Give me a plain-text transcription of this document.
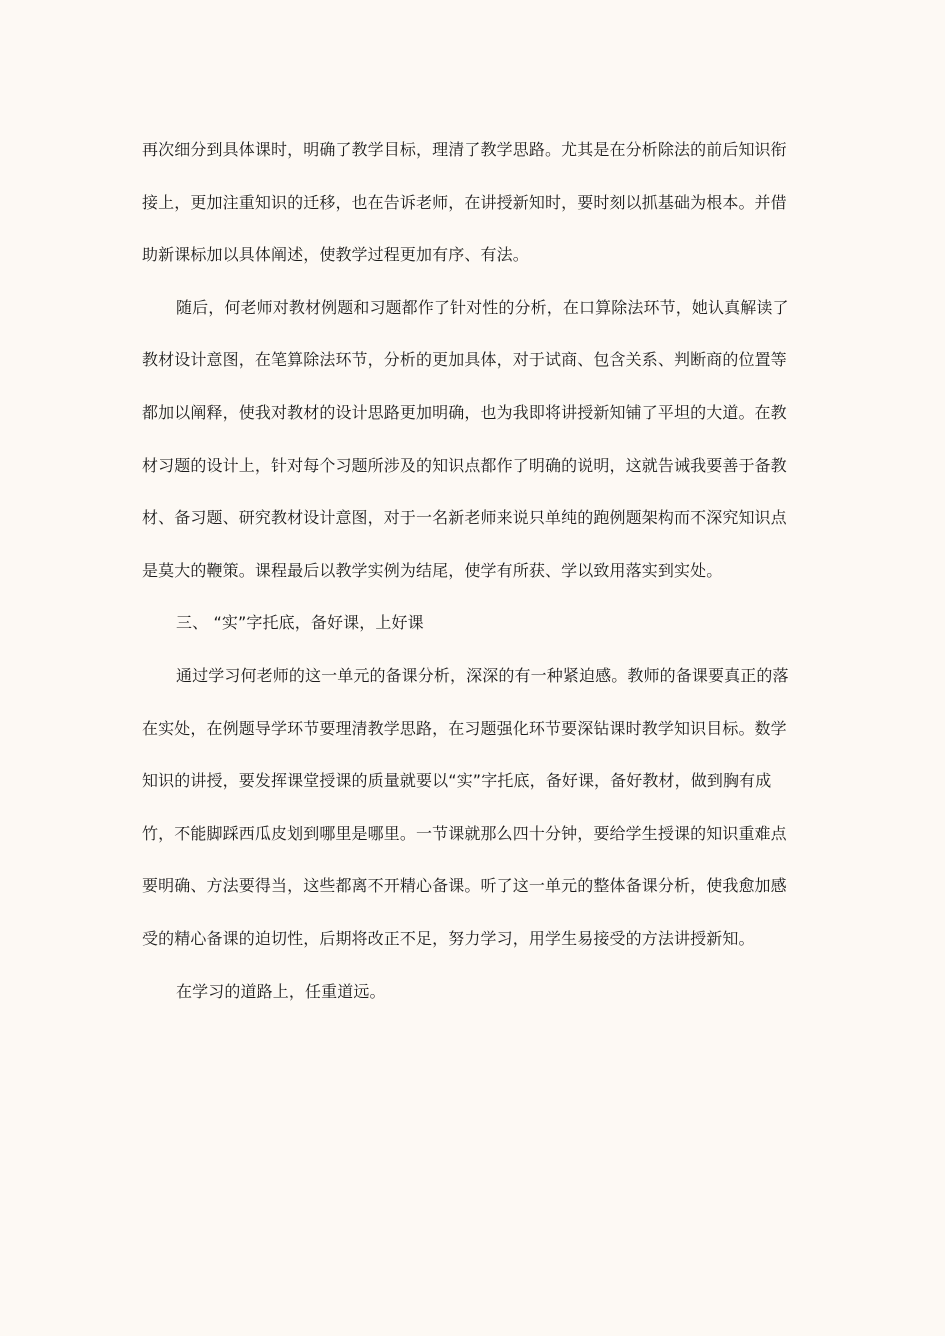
再次细分到具体课时，明确了教学目标，理清了教学思路。尤其是在分析除法的前后知识衔
接上，更加注重知识的迁移，也在告诉老师，在讲授新知时，要时刻以抓基础为根本。并借
助新课标加以具体阐述，使教学过程更加有序、有法。

随后，何老师对教材例题和习题都作了针对性的分析，在口算除法环节，她认真解读了
教材设计意图，在笔算除法环节，分析的更加具体，对于试商、包含关系、判断商的位置等
都加以阐释，使我对教材的设计思路更加明确，也为我即将讲授新知铺了平坦的大道。在教
材习题的设计上，针对每个习题所涉及的知识点都作了明确的说明，这就告诫我要善于备教
材、备习题、研究教材设计意图，对于一名新老师来说只单纯的跑例题架构而不深究知识点
是莫大的鞭策。课程最后以教学实例为结尾，使学有所获、学以致用落实到实处。

三、 “实”字托底，备好课，上好课

通过学习何老师的这一单元的备课分析，深深的有一种紧迫感。教师的备课要真正的落
在实处，在例题导学环节要理清教学思路，在习题强化环节要深钻课时教学知识目标。数学
知识的讲授，要发挥课堂授课的质量就要以“实”字托底，备好课，备好教材，做到胸有成
竹，不能脚踩西瓜皮划到哪里是哪里。一节课就那么四十分钟，要给学生授课的知识重难点
要明确、方法要得当，这些都离不开精心备课。听了这一单元的整体备课分析，使我愈加感
受的精心备课的迫切性，后期将改正不足，努力学习，用学生易接受的方法讲授新知。

在学习的道路上，任重道远。
